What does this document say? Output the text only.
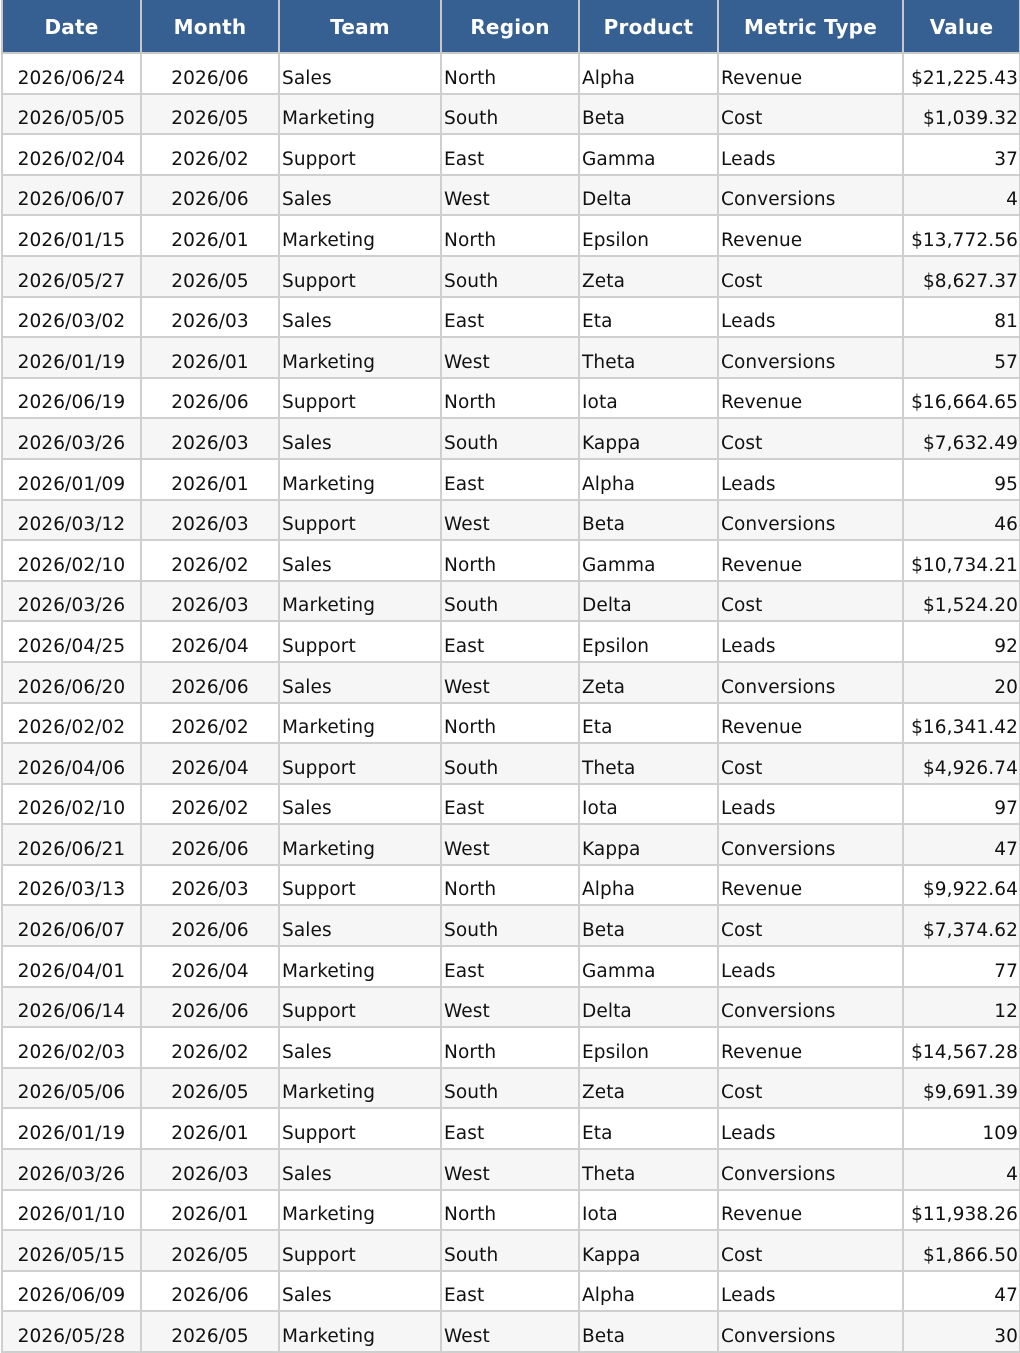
Date	Month	Team	Region	Product	Metric Type	Value
2026/06/24	2026/06	Sales	North	Alpha	Revenue	$21,225.43
2026/05/05	2026/05	Marketing	South	Beta	Cost	$1,039.32
2026/02/04	2026/02	Support	East	Gamma	Leads	37
2026/06/07	2026/06	Sales	West	Delta	Conversions	4
2026/01/15	2026/01	Marketing	North	Epsilon	Revenue	$13,772.56
2026/05/27	2026/05	Support	South	Zeta	Cost	$8,627.37
2026/03/02	2026/03	Sales	East	Eta	Leads	81
2026/01/19	2026/01	Marketing	West	Theta	Conversions	57
2026/06/19	2026/06	Support	North	Iota	Revenue	$16,664.65
2026/03/26	2026/03	Sales	South	Kappa	Cost	$7,632.49
2026/01/09	2026/01	Marketing	East	Alpha	Leads	95
2026/03/12	2026/03	Support	West	Beta	Conversions	46
2026/02/10	2026/02	Sales	North	Gamma	Revenue	$10,734.21
2026/03/26	2026/03	Marketing	South	Delta	Cost	$1,524.20
2026/04/25	2026/04	Support	East	Epsilon	Leads	92
2026/06/20	2026/06	Sales	West	Zeta	Conversions	20
2026/02/02	2026/02	Marketing	North	Eta	Revenue	$16,341.42
2026/04/06	2026/04	Support	South	Theta	Cost	$4,926.74
2026/02/10	2026/02	Sales	East	Iota	Leads	97
2026/06/21	2026/06	Marketing	West	Kappa	Conversions	47
2026/03/13	2026/03	Support	North	Alpha	Revenue	$9,922.64
2026/06/07	2026/06	Sales	South	Beta	Cost	$7,374.62
2026/04/01	2026/04	Marketing	East	Gamma	Leads	77
2026/06/14	2026/06	Support	West	Delta	Conversions	12
2026/02/03	2026/02	Sales	North	Epsilon	Revenue	$14,567.28
2026/05/06	2026/05	Marketing	South	Zeta	Cost	$9,691.39
2026/01/19	2026/01	Support	East	Eta	Leads	109
2026/03/26	2026/03	Sales	West	Theta	Conversions	4
2026/01/10	2026/01	Marketing	North	Iota	Revenue	$11,938.26
2026/05/15	2026/05	Support	South	Kappa	Cost	$1,866.50
2026/06/09	2026/06	Sales	East	Alpha	Leads	47
2026/05/28	2026/05	Marketing	West	Beta	Conversions	30
